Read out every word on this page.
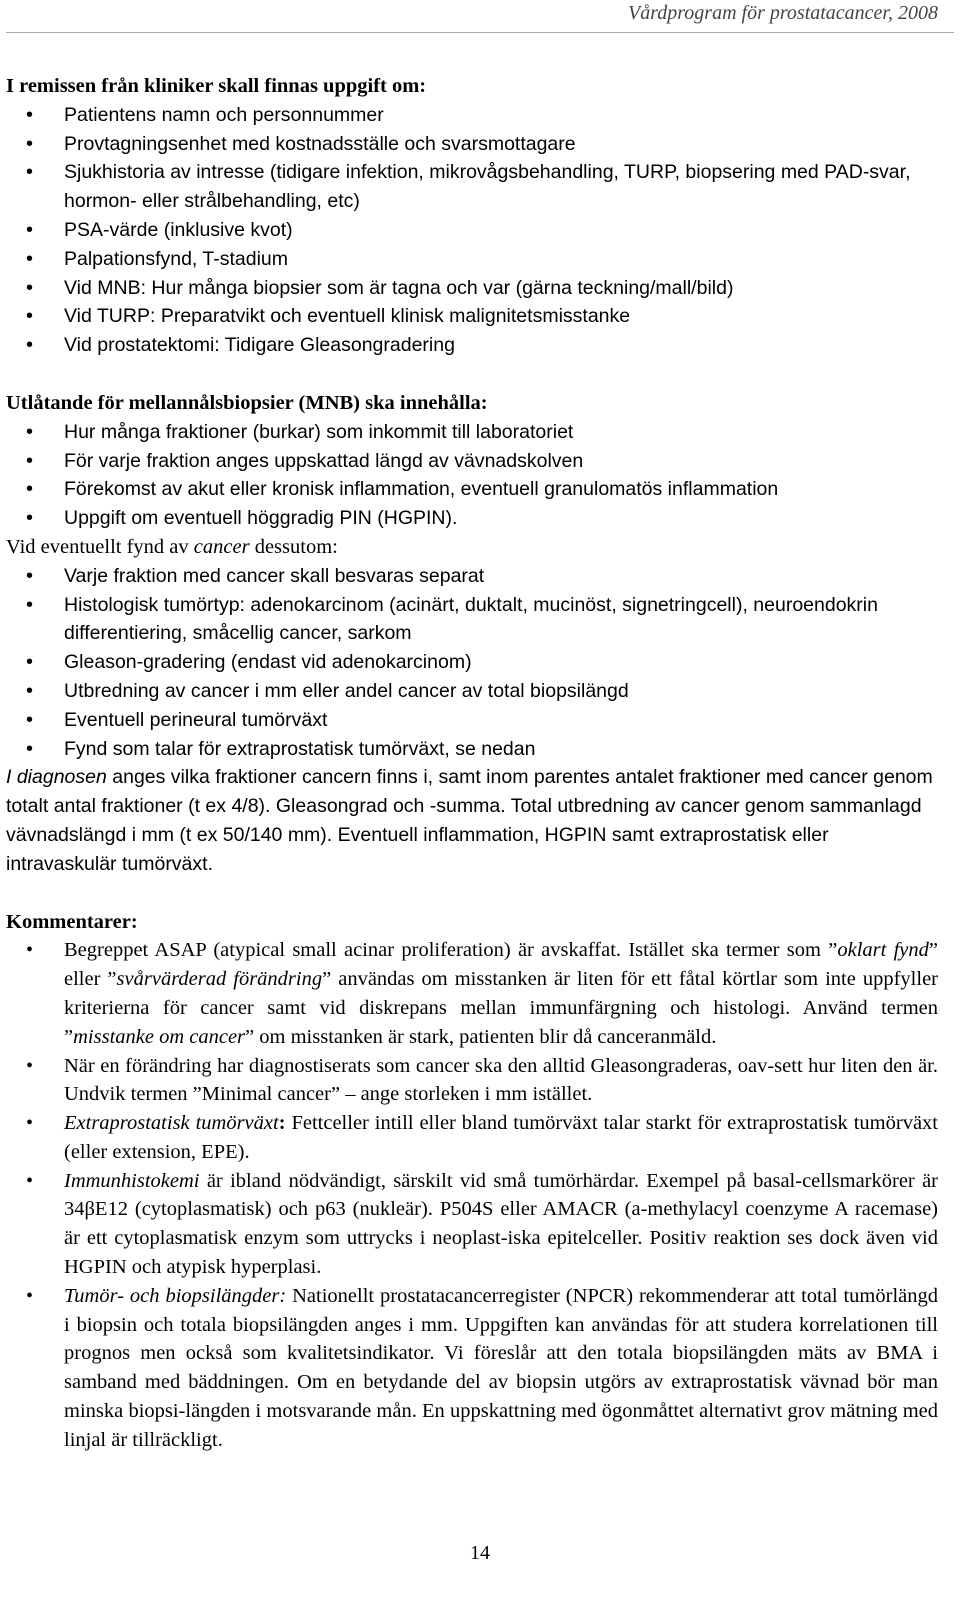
Vårdprogram för prostatacancer, 2008

I remissen från kliniker skall finnas uppgift om:

• Patientens namn och personnummer
• Provtagningsenhet med kostnadsställe och svarsmottagare
• Sjukhistoria av intresse (tidigare infektion, mikrovågsbehandling, TURP, biopsering med PAD-svar, hormon- eller strålbehandling, etc)
• PSA-värde (inklusive kvot)
• Palpationsfynd, T-stadium
• Vid MNB: Hur många biopsier som är tagna och var (gärna teckning/mall/bild)
• Vid TURP: Preparatvikt och eventuell klinisk malignitetsmisstanke
• Vid prostatektomi: Tidigare Gleasongradering

Utlåtande för mellannålsbiopsier (MNB) ska innehålla:

• Hur många fraktioner (burkar) som inkommit till laboratoriet
• För varje fraktion anges uppskattad längd av vävnadskolven
• Förekomst av akut eller kronisk inflammation, eventuell granulomatös inflammation
• Uppgift om eventuell höggradig PIN (HGPIN).

Vid eventuellt fynd av cancer dessutom:

• Varje fraktion med cancer skall besvaras separat
• Histologisk tumörtyp: adenokarcinom (acinärt, duktalt, mucinöst, signetringcell), neuroendokrin differentiering, småcellig cancer, sarkom
• Gleason-gradering (endast vid adenokarcinom)
• Utbredning av cancer i mm eller andel cancer av total biopsilängd
• Eventuell perineural tumörväxt
• Fynd som talar för extraprostatisk tumörväxt, se nedan

I diagnosen anges vilka fraktioner cancern finns i, samt inom parentes antalet fraktioner med cancer genom totalt antal fraktioner (t ex 4/8). Gleasongrad och -summa. Total utbredning av cancer genom sammanlagd vävnadslängd i mm (t ex 50/140 mm). Eventuell inflammation, HGPIN samt extraprostatisk eller intravaskulär tumörväxt.

Kommentarer:

• Begreppet ASAP (atypical small acinar proliferation) är avskaffat. Istället ska termer som ”oklart fynd” eller ”svårvärderad förändring” användas om misstanken är liten för ett fåtal körtlar som inte uppfyller kriterierna för cancer samt vid diskrepans mellan immunfärgning och histologi. Använd termen ”misstanke om cancer” om misstanken är stark, patienten blir då canceranmäld.
• När en förändring har diagnostiserats som cancer ska den alltid Gleasongraderas, oav-sett hur liten den är. Undvik termen ”Minimal cancer” – ange storleken i mm istället.
• Extraprostatisk tumörväxt: Fettceller intill eller bland tumörväxt talar starkt för extraprostatisk tumörväxt (eller extension, EPE).
• Immunhistokemi är ibland nödvändigt, särskilt vid små tumörhärdar. Exempel på basal-cellsmarkörer är 34βE12 (cytoplasmatisk) och p63 (nukleär). P504S eller AMACR (a-methylacyl coenzyme A racemase) är ett cytoplasmatisk enzym som uttrycks i neoplast-iska epitelceller. Positiv reaktion ses dock även vid HGPIN och atypisk hyperplasi.
• Tumör- och biopsilängder: Nationellt prostatacancerregister (NPCR) rekommenderar att total tumörlängd i biopsin och totala biopsilängden anges i mm. Uppgiften kan användas för att studera korrelationen till prognos men också som kvalitetsindikator. Vi föreslår att den totala biopsilängden mäts av BMA i samband med bäddningen. Om en betydande del av biopsin utgörs av extraprostatisk vävnad bör man minska biopsi-längden i motsvarande mån. En uppskattning med ögonmåttet alternativt grov mätning med linjal är tillräckligt.
14
